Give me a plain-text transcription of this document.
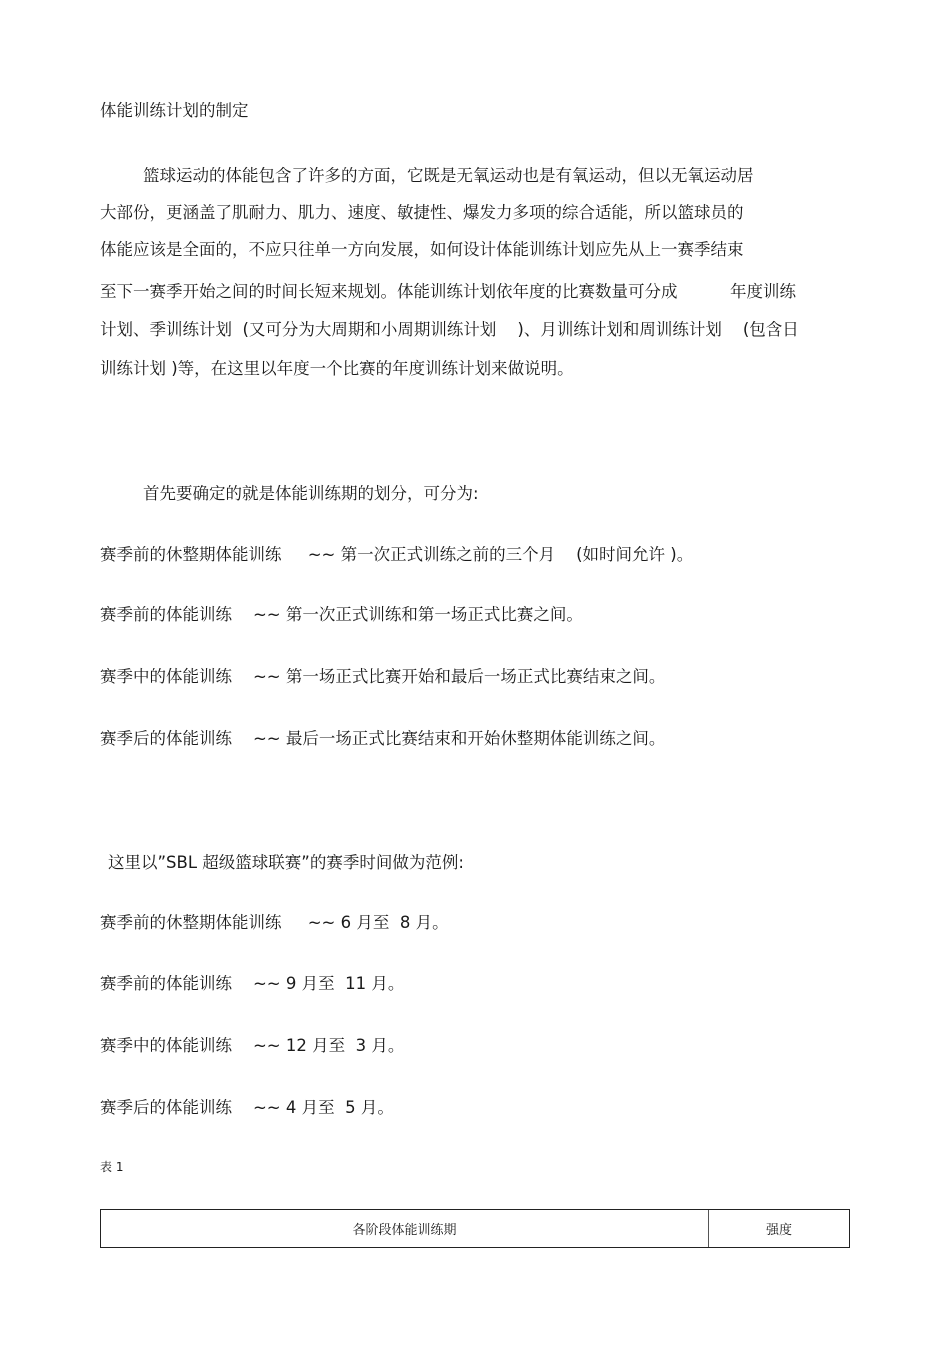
体能训练计划的制定
篮球运动的体能包含了许多的方面，它既是无氧运动也是有氧运动，但以无氧运动居
大部份，更涵盖了肌耐力、肌力、速度、敏捷性、爆发力多项的综合适能，所以篮球员的
体能应该是全面的，不应只往单一方向发展，如何设计体能训练计划应先从上一赛季结束
至下一赛季开始之间的时间长短来规划。体能训练计划依年度的比赛数量可分成          年度训练
计划、季训练计划  (又可分为大周期和小周期训练计划    )、月训练计划和周训练计划    (包含日
训练计划 )等，在这里以年度一个比赛的年度训练计划来做说明。
首先要确定的就是体能训练期的划分，可分为:
赛季前的休整期体能训练     ~~ 第一次正式训练之前的三个月    (如时间允许 )。
赛季前的体能训练    ~~ 第一次正式训练和第一场正式比赛之间。
赛季中的体能训练    ~~ 第一场正式比赛开始和最后一场正式比赛结束之间。
赛季后的体能训练    ~~ 最后一场正式比赛结束和开始休整期体能训练之间。
这里以”SBL 超级篮球联赛”的赛季时间做为范例:
赛季前的休整期体能训练     ~~ 6 月至  8 月。
赛季前的体能训练    ~~ 9 月至  11 月。
赛季中的体能训练    ~~ 12 月至  3 月。
赛季后的体能训练    ~~ 4 月至  5 月。
表 1
各阶段体能训练期	强度
